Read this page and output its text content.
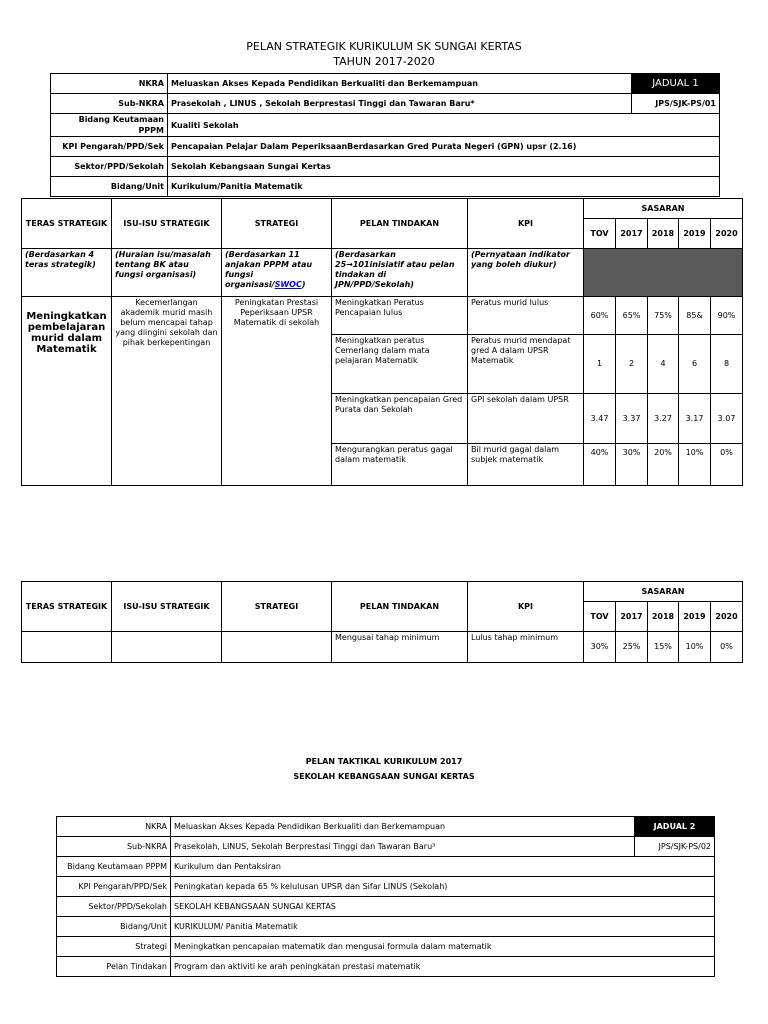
PELAN STRATEGIK KURIKULUM SK SUNGAI KERTAS
TAHUN 2017-2020
NKRA	Meluaskan Akses Kepada Pendidikan Berkualiti dan Berkemampuan	JADUAL 1
Sub-NKRA	Prasekolah , LINUS , Sekolah Berprestasi Tinggi dan Tawaran Baru*	JPS/SJK-PS/01
Bidang Keutamaan PPPM	Kualiti Sekolah	
KPI Pengarah/PPD/Sek	Pencapaian Pelajar Dalam PeperiksaanBerdasarkan Gred Purata Negeri (GPN) upsr (2.16)	
Sektor/PPD/Sekolah	Sekolah Kebangsaan Sungai Kertas	
Bidang/Unit	Kurikulum/Panitia Matematik	
TERAS STRATEGIK	ISU-ISU STRATEGIK	STRATEGI	PELAN TINDAKAN	KPI	SASARAN				
					TOV	2017	2018	2019	2020
(Berdasarkan 4 teras strategik)	(Huraian isu/masalah tentang BK atau fungsi organisasi)	(Berdasarkan 11 anjakan PPPM atau fungsi organisasi/SWOC)	(Berdasarkan 25→101inisiatif atau pelan tindakan di JPN/PPD/Sekolah)	(Pernyataan indikator yang boleh diukur)					
Meningkatkan pembelajaran murid dalam Matematik	Kecemerlangan akademik murid masih belum mencapai tahap yang diingini sekolah dan pihak berkepentingan	Peningkatan Prestasi Peperiksaan UPSR Matematik di sekolah	Meningkatkan Peratus Pencapaian lulus	Peratus murid lulus	60%	65%	75%	85&	90%
			Meningkatkan peratus Cemerlang dalam mata pelajaran Matematik	Peratus murid mendapat gred A dalam UPSR Matematik	1	2	4	6	8
			Meningkatkan pencapaian Gred Purata dan Sekolah	GPI sekolah dalam UPSR	3.47	3.37	3.27	3.17	3.07
			Mengurangkan peratus gagal dalam matematik	Bil murid gagal dalam subjek matematik	40%	30%	20%	10%	0%
TERAS STRATEGIK	ISU-ISU STRATEGIK	STRATEGI	PELAN TINDAKAN	KPI	SASARAN				
					TOV	2017	2018	2019	2020
			Mengusai tahap minimum	Lulus tahap minimum	30%	25%	15%	10%	0%
PELAN TAKTIKAL KURIKULUM 2017
SEKOLAH KEBANGSAAN SUNGAI KERTAS
NKRA	Meluaskan Akses Kepada Pendidikan Berkualiti dan Berkemampuan	JADUAL 2
Sub-NKRA	Prasekolah, LINUS, Sekolah Berprestasi Tinggi dan Tawaran Baru³	JPS/SJK-PS/02
Bidang Keutamaan PPPM	Kurikulum dan Pentaksiran	
KPI Pengarah/PPD/Sek	Peningkatan kepada 65 % kelulusan UPSR dan Sifar LINUS (Sekolah)	
Sektor/PPD/Sekolah	SEKOLAH KEBANGSAAN SUNGAI KERTAS	
Bidang/Unit	KURIKULUM/ Panitia Matematik	
Strategi	Meningkatkan pencapaian matematik dan mengusai formula dalam matematik	
Pelan Tindakan	Program dan aktiviti ke arah peningkatan prestasi matematik	
